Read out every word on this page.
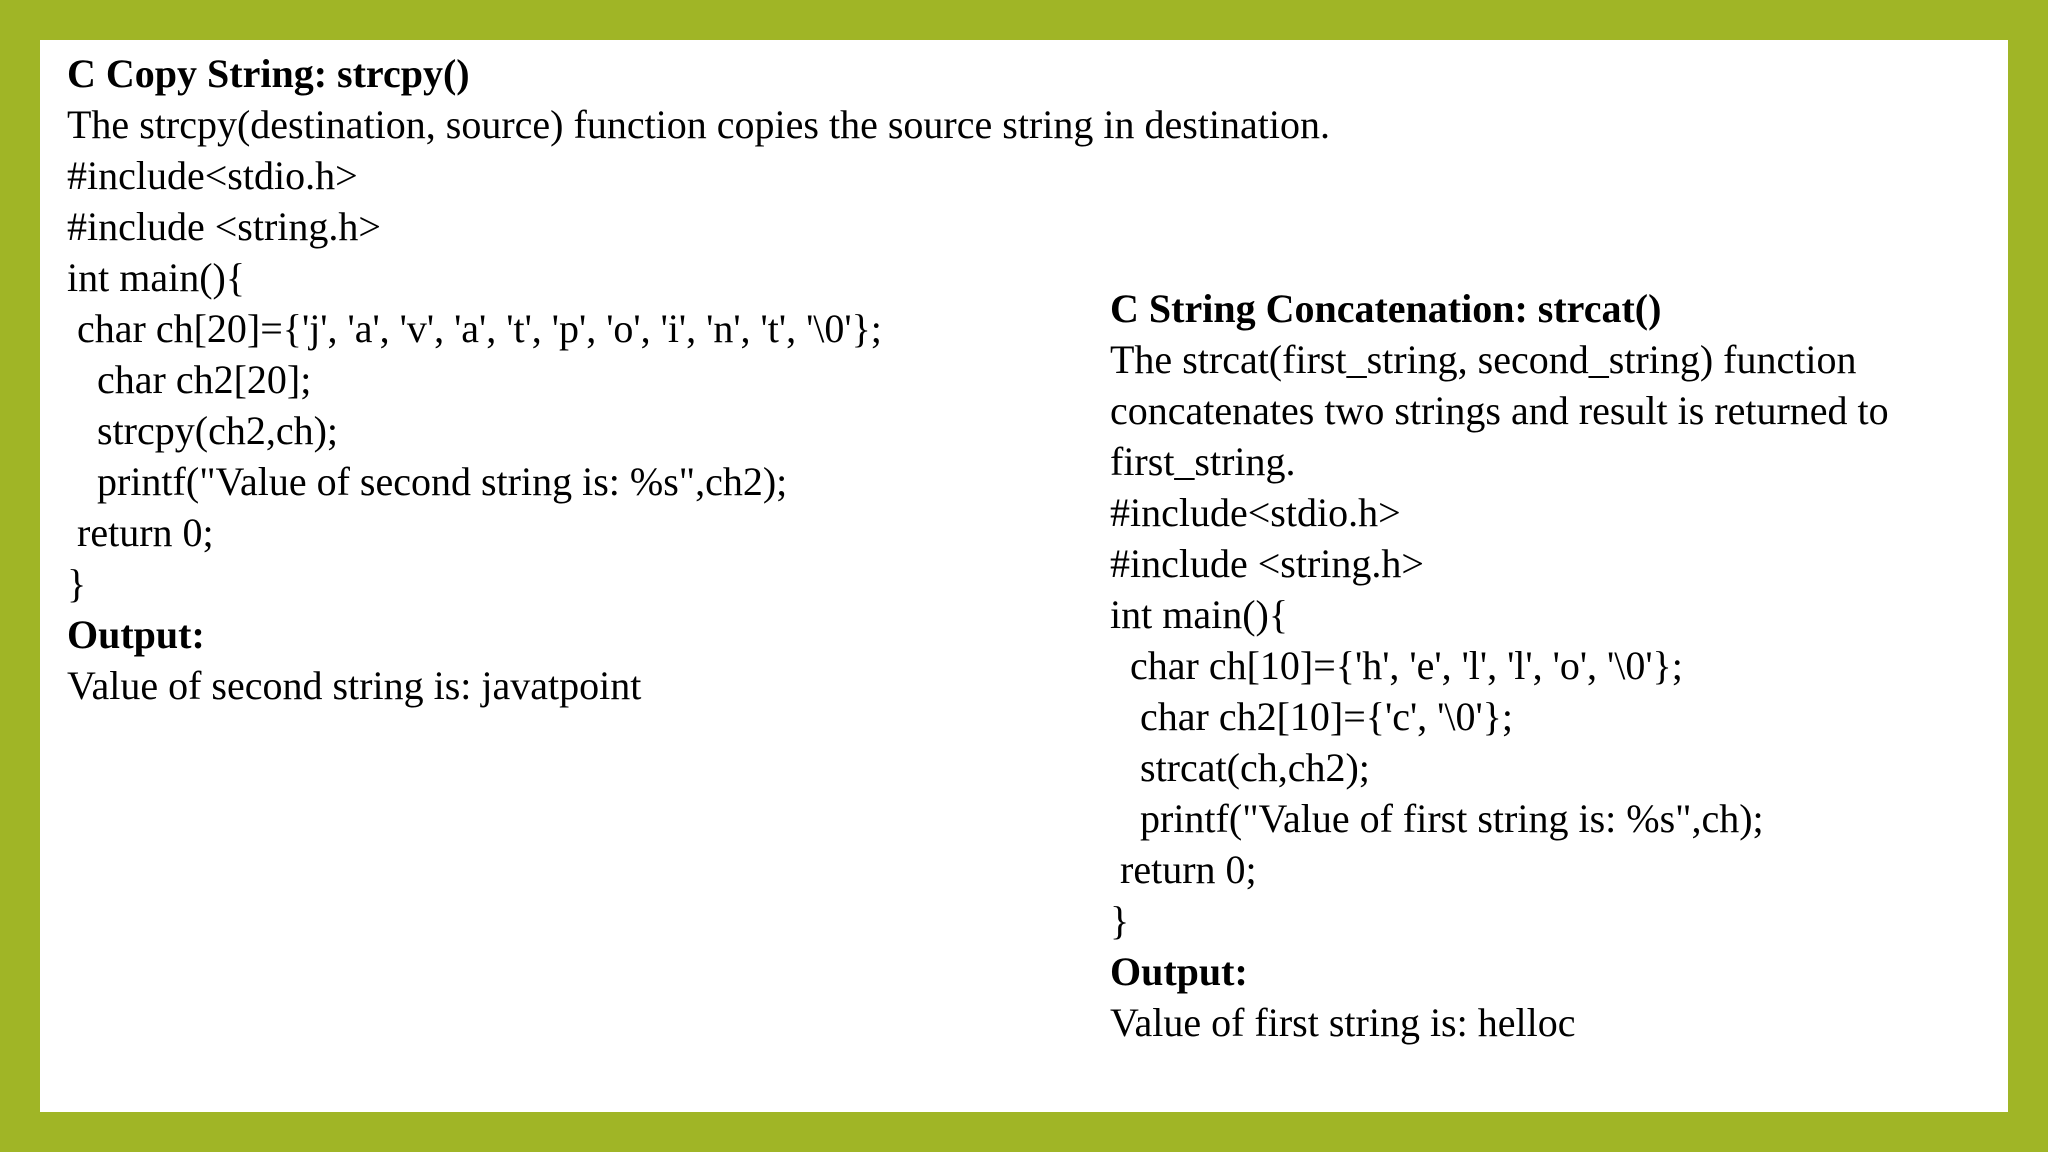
C Copy String: strcpy()
The strcpy(destination, source) function copies the source string in destination.
#include<stdio.h>
#include <string.h>
int main(){
char ch[20]={'j', 'a', 'v', 'a', 't', 'p', 'o', 'i', 'n', 't', '\0'};
char ch2[20];
strcpy(ch2,ch);
printf("Value of second string is: %s",ch2);
return 0;
}
Output:
Value of second string is: javatpoint
C String Concatenation: strcat()
The strcat(first_string, second_string) function
concatenates two strings and result is returned to
first_string.
#include<stdio.h>
#include <string.h>
int main(){
char ch[10]={'h', 'e', 'l', 'l', 'o', '\0'};
char ch2[10]={'c', '\0'};
strcat(ch,ch2);
printf("Value of first string is: %s",ch);
return 0;
}
Output:
Value of first string is: helloc
